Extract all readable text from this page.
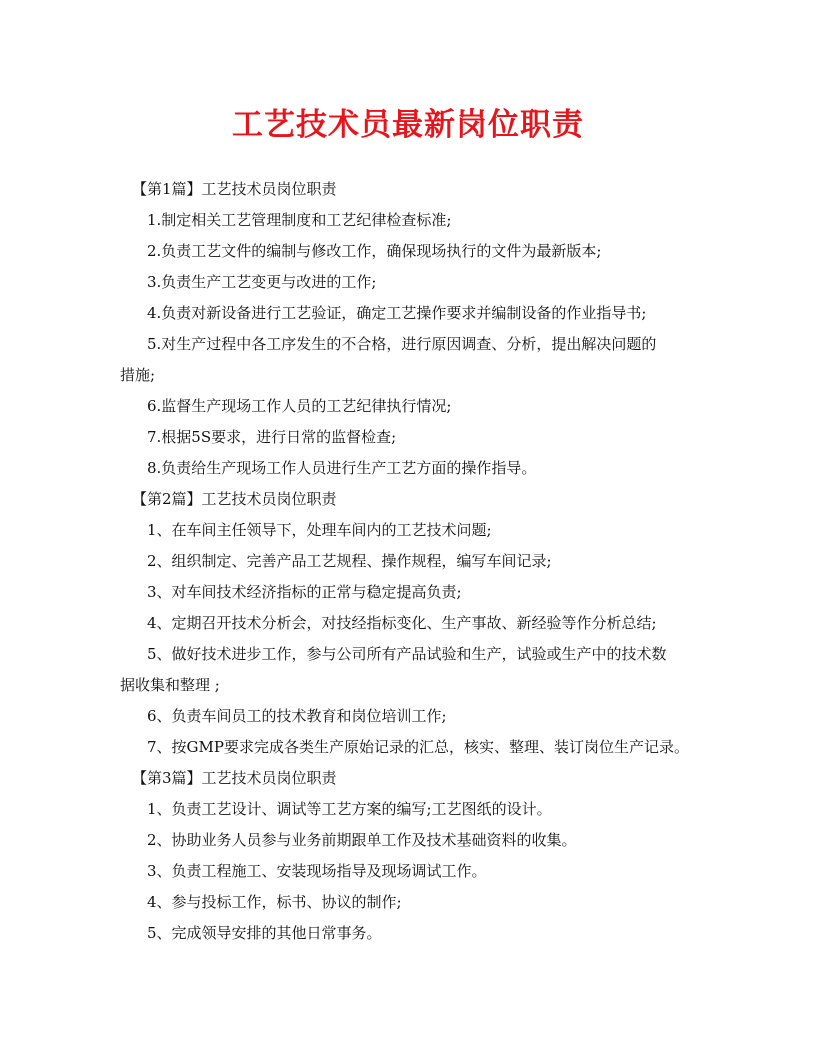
工艺技术员最新岗位职责
【第1篇】工艺技术员岗位职责
1.制定相关工艺管理制度和工艺纪律检查标准;
2.负责工艺文件的编制与修改工作，确保现场执行的文件为最新版本;
3.负责生产工艺变更与改进的工作;
4.负责对新设备进行工艺验证，确定工艺操作要求并编制设备的作业指导书;
5.对生产过程中各工序发生的不合格，进行原因调查、分析，提出解决问题的
措施;
6.监督生产现场工作人员的工艺纪律执行情况;
7.根据5S要求，进行日常的监督检查;
8.负责给生产现场工作人员进行生产工艺方面的操作指导。
【第2篇】工艺技术员岗位职责
1、在车间主任领导下，处理车间内的工艺技术问题;
2、组织制定、完善产品工艺规程、操作规程，编写车间记录;
3、对车间技术经济指标的正常与稳定提高负责;
4、定期召开技术分析会，对技经指标变化、生产事故、新经验等作分析总结;
5、做好技术进步工作，参与公司所有产品试验和生产，试验或生产中的技术数
据收集和整理 ;
6、负责车间员工的技术教育和岗位培训工作;
7、按GMP要求完成各类生产原始记录的汇总，核实、整理、装订岗位生产记录。
【第3篇】工艺技术员岗位职责
1、负责工艺设计、调试等工艺方案的编写;工艺图纸的设计。
2、协助业务人员参与业务前期跟单工作及技术基础资料的收集。
3、负责工程施工、安装现场指导及现场调试工作。
4、参与投标工作，标书、协议的制作;
5、完成领导安排的其他日常事务。
